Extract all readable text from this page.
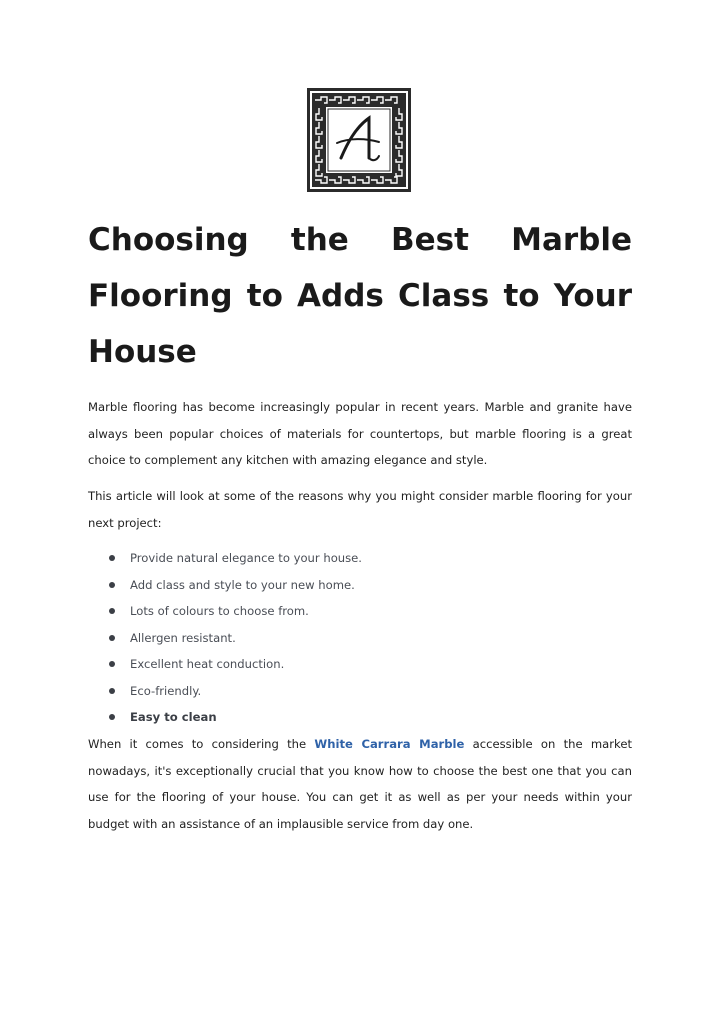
Choosing the Best Marble Flooring to Adds Class to Your House

Marble flooring has become increasingly popular in recent years. Marble and granite have always been popular choices of materials for countertops, but marble flooring is a great choice to complement any kitchen with amazing elegance and style.

This article will look at some of the reasons why you might consider marble flooring for your next project:

Provide natural elegance to your house.
Add class and style to your new home.
Lots of colours to choose from.
Allergen resistant.
Excellent heat conduction.
Eco-friendly.
Easy to clean

When it comes to considering the White Carrara Marble accessible on the market nowadays, it's exceptionally crucial that you know how to choose the best one that you can use for the flooring of your house. You can get it as well as per your needs within your budget with an assistance of an implausible service from day one.
